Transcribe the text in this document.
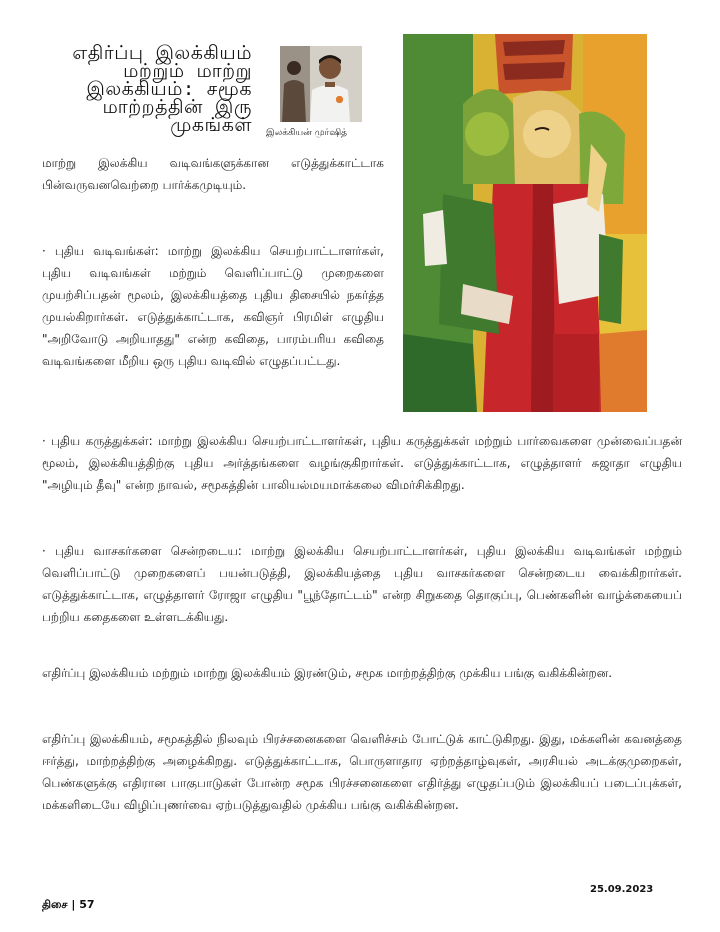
எதிர்ப்பு இலக்கியம்
மற்றும் மாற்று
இலக்கியம்: சமூக
மாற்றத்தின் இரு
முகங்கள் இலக்கியன் முர்ஷித்
மாற்று இலக்கிய வடிவங்களுக்கான எடுத்துக்காட்டாக பின்வருவனவெற்றை பார்க்கமுடியும்.
· புதிய வடிவங்கள்: மாற்று இலக்கிய செயற்பாட்டாளர்கள், புதிய வடிவங்கள் மற்றும் வெளிப்பாட்டு முறைகளை முயற்சிப்பதன் மூலம், இலக்கியத்தை புதிய திசையில் நகர்த்த முயல்கிறார்கள். எடுத்துக்காட்டாக, கவிஞர் பிரமிள் எழுதிய "அறிவோடு அறியாதது" என்ற கவிதை, பாரம்பரிய கவிதை வடிவங்களை மீறிய ஒரு புதிய வடிவில் எழுதப்பட்டது.
· புதிய கருத்துக்கள்: மாற்று இலக்கிய செயற்பாட்டாளர்கள், புதிய கருத்துக்கள் மற்றும் பார்வைகளை முன்வைப்பதன் மூலம், இலக்கியத்திற்கு புதிய அர்த்தங்களை வழங்குகிறார்கள். எடுத்துக்காட்டாக, எழுத்தாளர் சுஜாதா எழுதிய "அழியும் தீவு" என்ற நாவல், சமூகத்தின் பாலியல்மயமாக்கலை விமர்சிக்கிறது.
· புதிய வாசகர்களை சென்றடைய: மாற்று இலக்கிய செயற்பாட்டாளர்கள், புதிய இலக்கிய வடிவங்கள் மற்றும் வெளிப்பாட்டு முறைகளைப் பயன்படுத்தி, இலக்கியத்தை புதிய வாசகர்களை சென்றடைய வைக்கிறார்கள். எடுத்துக்காட்டாக, எழுத்தாளர் ரோஜா எழுதிய "பூந்தோட்டம்" என்ற சிறுகதை தொகுப்பு, பெண்களின் வாழ்க்கையைப் பற்றிய கதைகளை உள்ளடக்கியது.
எதிர்ப்பு இலக்கியம் மற்றும் மாற்று இலக்கியம் இரண்டும், சமூக மாற்றத்திற்கு முக்கிய பங்கு வகிக்கின்றன.
எதிர்ப்பு இலக்கியம், சமூகத்தில் நிலவும் பிரச்சனைகளை வெளிச்சம் போட்டுக் காட்டுகிறது. இது, மக்களின் கவனத்தை ஈர்த்து, மாற்றத்திற்கு அழைக்கிறது. எடுத்துக்காட்டாக, பொருளாதார ஏற்றத்தாழ்வுகள், அரசியல் அடக்குமுறைகள், பெண்களுக்கு எதிரான பாகுபாடுகள் போன்ற சமூக பிரச்சனைகளை எதிர்த்து எழுதப்படும் இலக்கியப் படைப்புக்கள், மக்களிடையே விழிப்புணர்வை ஏற்படுத்துவதில் முக்கிய பங்கு வகிக்கின்றன.
திசை | 57
25.09.2023
